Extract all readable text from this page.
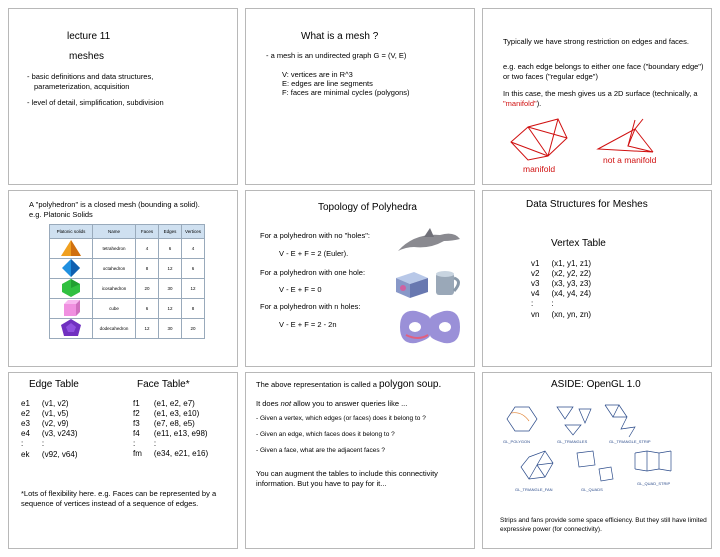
lecture 11
meshes
- basic definitions and data structures,
parameterization, acquisition
- level of detail, simplification, subdivision
What is a mesh ?
- a mesh is an undirected graph G = (V, E)
V: vertices are in R^3
E: edges are line segments
F: faces are minimal cycles (polygons)
Typically we have strong restriction on edges and faces.
e.g. each edge belongs to either one face ("boundary edge") or two faces ("regular edge")
In this case, the mesh gives us a 2D surface (technically, a "manifold").
manifold
not a manifold
A "polyhedron" is a closed mesh (bounding a solid). e.g. Platonic Solids
Platonic solids	Name	Faces	Edges	Vertices
	tetrahedron	4	6	4
	octahedron	8	12	6
	icosahedron	20	30	12
	cube	6	12	8
	dodecahedron	12	30	20
Topology of Polyhedra
For a polyhedron with no "holes":
V - E + F = 2 (Euler).
For a polyhedron with one hole:
V - E + F = 0
For a polyhedron with n holes:
V - E + F = 2 - 2n
Data Structures for Meshes
Vertex Table
v1	(x1, y1, z1)
v2	(x2, y2, z2)
v3	(x3, y3, z3)
v4	(x4, y4, z4)
:	:

vn	(xn, yn, zn)
Edge Table	Face Table*
e1	(v1, v2)
e2	(v1, v5)
e3	(v2, v9)
e4	(v3, v243)
:	:

ek	(v92, v64)
f1	(e1, e2, e7)
f2	(e1, e3, e10)
f3	(e7, e8, e5)
f4	(e11, e13, e98)
:	:
fm	(e34, e21, e16)
*Lots of flexibility here. e.g. Faces can be represented by a sequence of vertices instead of a sequence of edges.
The above representation is called a polygon soup.
It does not allow you to answer queries like ...
- Given a vertex, which edges (or faces) does it belong to ?
- Given an edge, which faces does it belong to ?
- Given a face, what are the adjacent faces ?
You can augment the tables to include this connectivity information. But you have to pay for it...
ASIDE: OpenGL 1.0
GL_POLYGON	GL_TRIANGLES	GL_TRIANGLE_STRIP
GL_TRIANGLE_FAN	GL_QUADS
GL_QUAD_STRIP
Strips and fans provide some space efficiency. But they still have limited expressive power (for connectivity).
